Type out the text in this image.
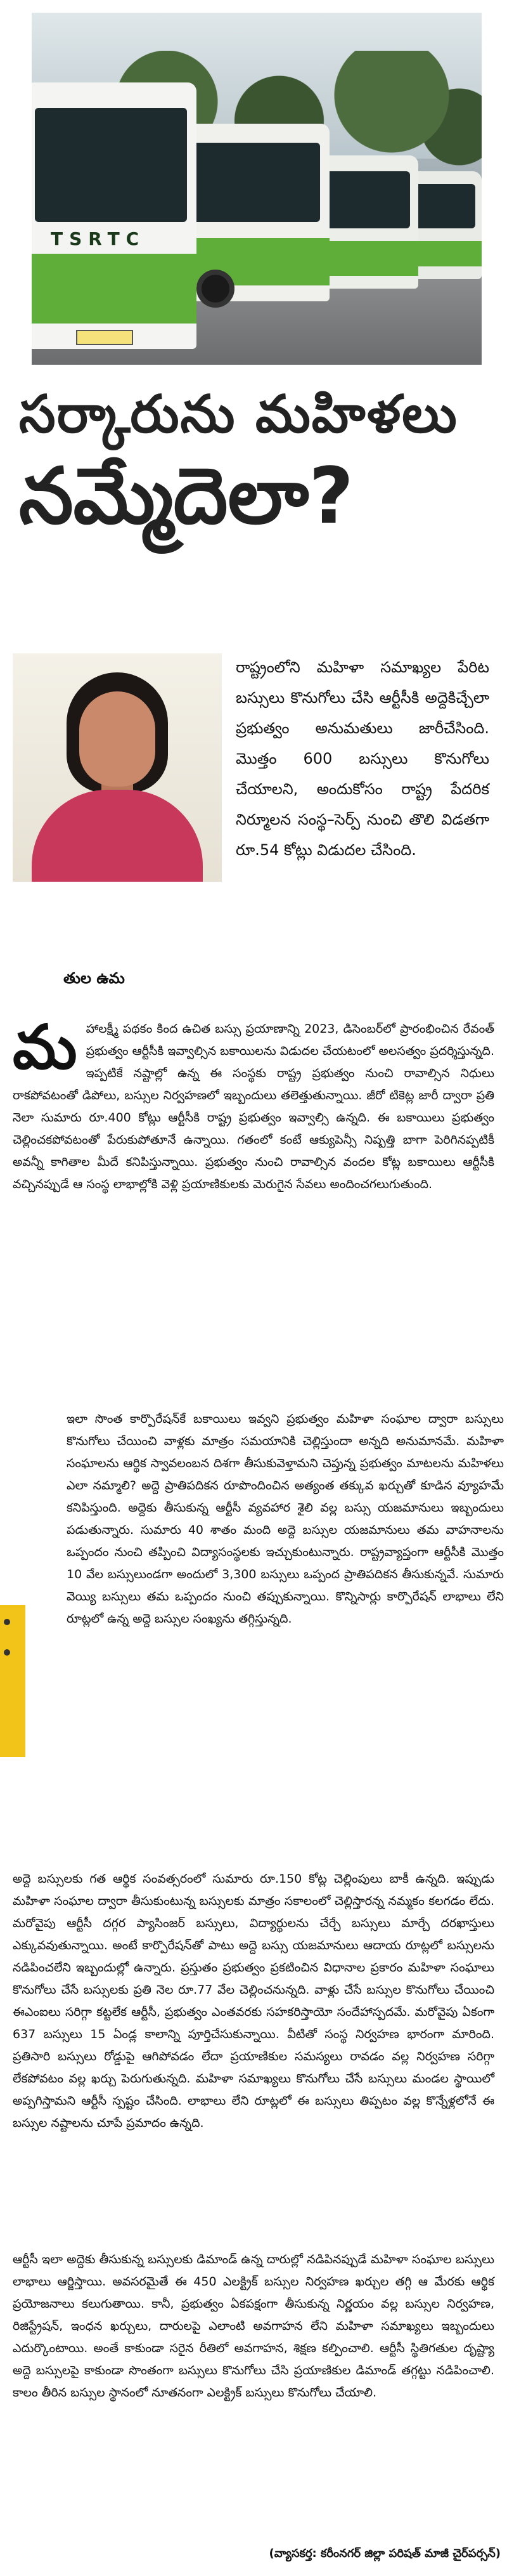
TSRTC
సర్కారును మహిళలు
నమ్మేదెలా?
తుల ఉమ

రాష్ట్రంలోని మహిళా సమాఖ్యల పేరిట బస్సులు కొనుగోలు చేసి ఆర్టీసీకి అద్దెకిచ్చేలా ప్రభుత్వం అనుమతులు జారీచేసింది. మొత్తం 600 బస్సులు కొనుగోలు చేయాలని, అందుకోసం రాష్ట్ర పేదరిక నిర్మూలన సంస్థ–సెర్ప్ నుంచి తొలి విడతగా రూ.54 కోట్లు విడుదల చేసింది.

మ హాలక్ష్మీ పథకం కింద ఉచిత బస్సు ప్రయాణాన్ని 2023, డిసెంబర్‌లో ప్రారంభించిన రేవంత్ ప్రభుత్వం ఆర్టీసీకి ఇవ్వాల్సిన బకాయిలను విడుదల చేయటంలో అలసత్వం ప్రదర్శిస్తున్నది. ఇప్పటికే నష్టాల్లో ఉన్న ఈ సంస్థకు రాష్ట్ర ప్రభుత్వం నుంచి రావాల్సిన నిధులు రాకపోవటంతో డిపోలు, బస్సుల నిర్వహణలో ఇబ్బందులు తలెత్తుతున్నాయి. జీరో టికెట్ల జారీ ద్వారా ప్రతి నెలా సుమారు రూ.400 కోట్లు ఆర్టీసీకి రాష్ట్ర ప్రభుత్వం ఇవ్వాల్సి ఉన్నది. ఈ బకాయిలు ప్రభుత్వం చెల్లించకపోవటంతో పేరుకుపోతూనే ఉన్నాయి. గతంలో కంటే ఆక్యుపెన్సీ నిష్పత్తి బాగా పెరిగినప్పటికీ అవన్నీ కాగితాల మీదే కనిపిస్తున్నాయి. ప్రభుత్వం నుంచి రావాల్సిన వందల కోట్ల బకాయిలు ఆర్టీసీకి వచ్చినప్పుడే ఆ సంస్థ లాభాల్లోకి వెళ్లి ప్రయాణికులకు మెరుగైన సేవలు అందించగలుగుతుంది.

ఇలా సొంత కార్పొరేషన్‌కే బకాయిలు ఇవ్వని ప్రభుత్వం మహిళా సంఘాల ద్వారా బస్సులు కొనుగోలు చేయించి వాళ్లకు మాత్రం సమయానికి చెల్లిస్తుందా అన్నది అనుమానమే. మహిళా సంఘాలను ఆర్థిక స్వావలంబన దిశగా తీసుకువెళ్తామని చెప్తున్న ప్రభుత్వం మాటలను మహిళలు ఎలా నమ్మాలి? అద్దె ప్రాతిపదికన రూపొందించిన అత్యంత తక్కువ ఖర్చుతో కూడిన వ్యూహమే కనిపిస్తుంది. అద్దెకు తీసుకున్న ఆర్టీసీ వ్యవహార శైలి వల్ల బస్సు యజమానులు ఇబ్బందులు పడుతున్నారు. సుమారు 40 శాతం మంది అద్దె బస్సుల యజమానులు తమ వాహనాలను ఒప్పందం నుంచి తప్పించి విద్యాసంస్థలకు ఇచ్చుకుంటున్నారు. రాష్ట్రవ్యాప్తంగా ఆర్టీసీకి మొత్తం 10 వేల బస్సులుండగా అందులో 3,300 బస్సులు ఒప్పంద ప్రాతిపదికన తీసుకున్నవే. సుమారు వెయ్యి బస్సులు తమ ఒప్పందం నుంచి తప్పుకున్నాయి. కొన్నిసార్లు కార్పొరేషన్ లాభాలు లేని రూట్లలో ఉన్న అద్దె బస్సుల సంఖ్యను తగ్గిస్తున్నది.

అద్దె బస్సులకు గత ఆర్థిక సంవత్సరంలో సుమారు రూ.150 కోట్ల చెల్లింపులు బాకీ ఉన్నది. ఇప్పుడు మహిళా సంఘాల ద్వారా తీసుకుంటున్న బస్సులకు మాత్రం సకాలంలో చెల్లిస్తారన్న నమ్మకం కలగడం లేదు. మరోవైపు ఆర్టీసీ దగ్గర ప్యాసింజర్ బస్సులు, విద్యార్థులను చేర్చే బస్సులు మార్చే దరఖాస్తులు ఎక్కువవుతున్నాయి. అంటే కార్పొరేషన్‌తో పాటు అద్దె బస్సు యజమానులు ఆదాయ రూట్లలో బస్సులను నడిపించలేని ఇబ్బందుల్లో ఉన్నారు. ప్రస్తుతం ప్రభుత్వం ప్రకటించిన విధానాల ప్రకారం మహిళా సంఘాలు కొనుగోలు చేసే బస్సులకు ప్రతి నెల రూ.77 వేల చెల్లించనున్నది. వాళ్లు చేసే బస్సుల కొనుగోలు చేయించి ఈఎంఐలు సరిగ్గా కట్టలేక ఆర్టీసీ, ప్రభుత్వం ఎంతవరకు సహకరిస్తాయో సందేహాస్పదమే. మరోవైపు ఏకంగా 637 బస్సులు 15 ఏండ్ల కాలాన్ని పూర్తిచేసుకున్నాయి. వీటితో సంస్థ నిర్వహణ భారంగా మారింది. ప్రతిసారి బస్సులు రోడ్డుపై ఆగిపోవడం లేదా ప్రయాణికుల సమస్యలు రావడం వల్ల నిర్వహణ సరిగ్గా లేకపోవటం వల్ల ఖర్చు పెరుగుతున్నది. మహిళా సమాఖ్యలు కొనుగోలు చేసే బస్సులు మండల స్థాయిలో అప్పగిస్తామని ఆర్టీసీ స్పష్టం చేసింది. లాభాలు లేని రూట్లలో ఈ బస్సులు తిప్పటం వల్ల కొన్నేళ్లలోనే ఈ బస్సుల నష్టాలను చూపే ప్రమాదం ఉన్నది.

ఆర్టీసీ ఇలా అద్దెకు తీసుకున్న బస్సులకు డిమాండ్ ఉన్న దారుల్లో నడిపినప్పుడే మహిళా సంఘాల బస్సులు లాభాలు ఆర్జిస్తాయి. అవసరమైతే ఈ 450 ఎలక్ట్రిక్ బస్సుల నిర్వహణ ఖర్చుల తగ్గి ఆ మేరకు ఆర్థిక ప్రయోజనాలు కలుగుతాయి. కానీ, ప్రభుత్వం ఏకపక్షంగా తీసుకున్న నిర్ణయం వల్ల బస్సుల నిర్వహణ, రిజిస్ట్రేషన్, ఇంధన ఖర్చులు, దారులపై ఎలాంటి అవగాహన లేని మహిళా సమాఖ్యలు ఇబ్బందులు ఎదుర్కొంటాయి. అంతే కాకుండా సరైన రీతిలో అవగాహన, శిక్షణ కల్పించాలి. ఆర్టీసీ స్థితిగతుల దృష్ట్యా అద్దె బస్సులపై కాకుండా సొంతంగా బస్సులు కొనుగోలు చేసి ప్రయాణికుల డిమాండ్ తగ్గట్టు నడిపించాలి. కాలం తీరిన బస్సుల స్థానంలో నూతనంగా ఎలక్ట్రిక్ బస్సులు కొనుగోలు చేయాలి.

(వ్యాసకర్త: కరీంనగర్ జిల్లా పరిషత్ మాజీ చైర్‌పర్సన్)
